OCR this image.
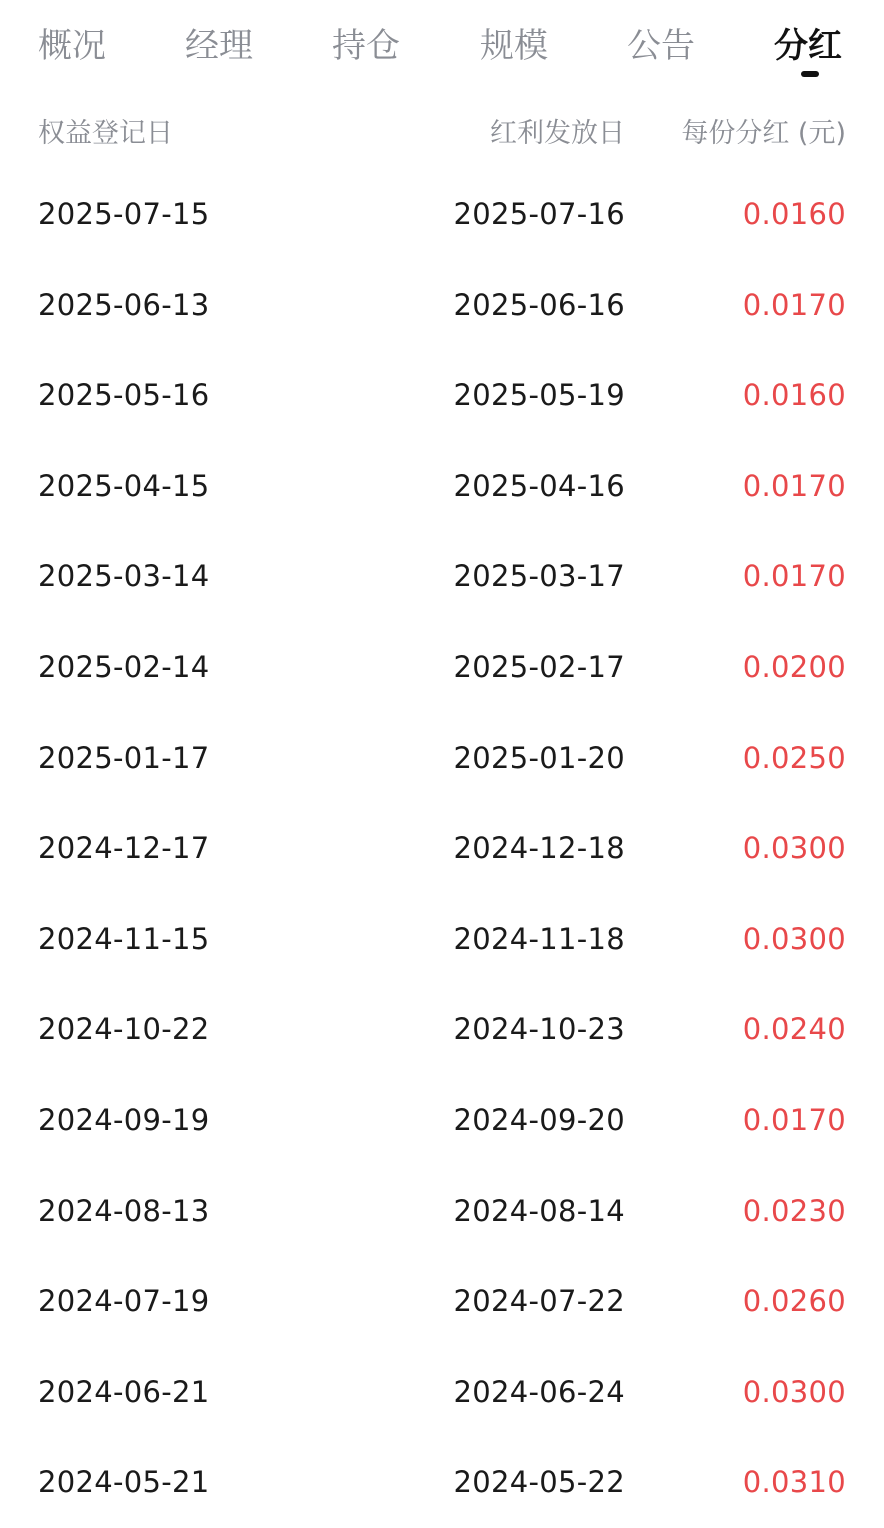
概况 经理 持仓 规模 公告 分红
权益登记日	红利发放日 每份分红 (元)
2025-07-15	2025-07-16	0.0160
2025-06-13	2025-06-16	0.0170
2025-05-16	2025-05-19	0.0160
2025-04-15	2025-04-16	0.0170
2025-03-14	2025-03-17	0.0170
2025-02-14	2025-02-17	0.0200
2025-01-17	2025-01-20	0.0250
2024-12-17	2024-12-18	0.0300
2024-11-15	2024-11-18	0.0300
2024-10-22	2024-10-23	0.0240
2024-09-19	2024-09-20	0.0170
2024-08-13	2024-08-14	0.0230
2024-07-19	2024-07-22	0.0260
2024-06-21	2024-06-24	0.0300
2024-05-21	2024-05-22	0.0310
